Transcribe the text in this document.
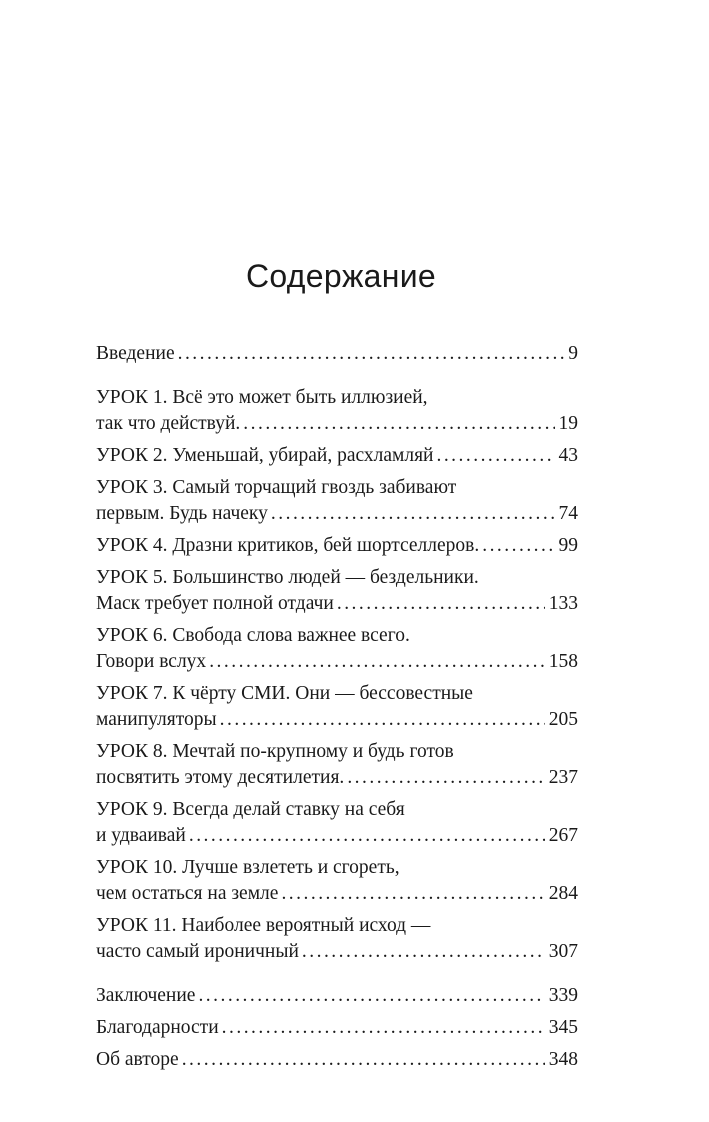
Содержание
Введение . . .	9
УРОК 1. Всё это может быть иллюзией,
так что действуй. . . .	19
УРОК 2. Уменьшай, убирай, расхламляй . . .	43
УРОК 3. Самый торчащий гвоздь забивают
первым. Будь начеку . . .	74
УРОК 4. Дразни критиков, бей шортселлеров. . . .	99
УРОК 5. Большинство людей — бездельники.
Маск требует полной отдачи . . .	133
УРОК 6. Свобода слова важнее всего.
Говори вслух . . .	158
УРОК 7. К чёрту СМИ. Они — бессовестные
манипуляторы . . .	205
УРОК 8. Мечтай по-крупному и будь готов
посвятить этому десятилетия. . . .	237
УРОК 9. Всегда делай ставку на себя
и удваивай . . .	267
УРОК 10. Лучше взлететь и сгореть,
чем остаться на земле . . .	284
УРОК 11. Наиболее вероятный исход —
часто самый ироничный . . .	307
Заключение . . .	339
Благодарности . . .	345
Об авторе . . .	348
